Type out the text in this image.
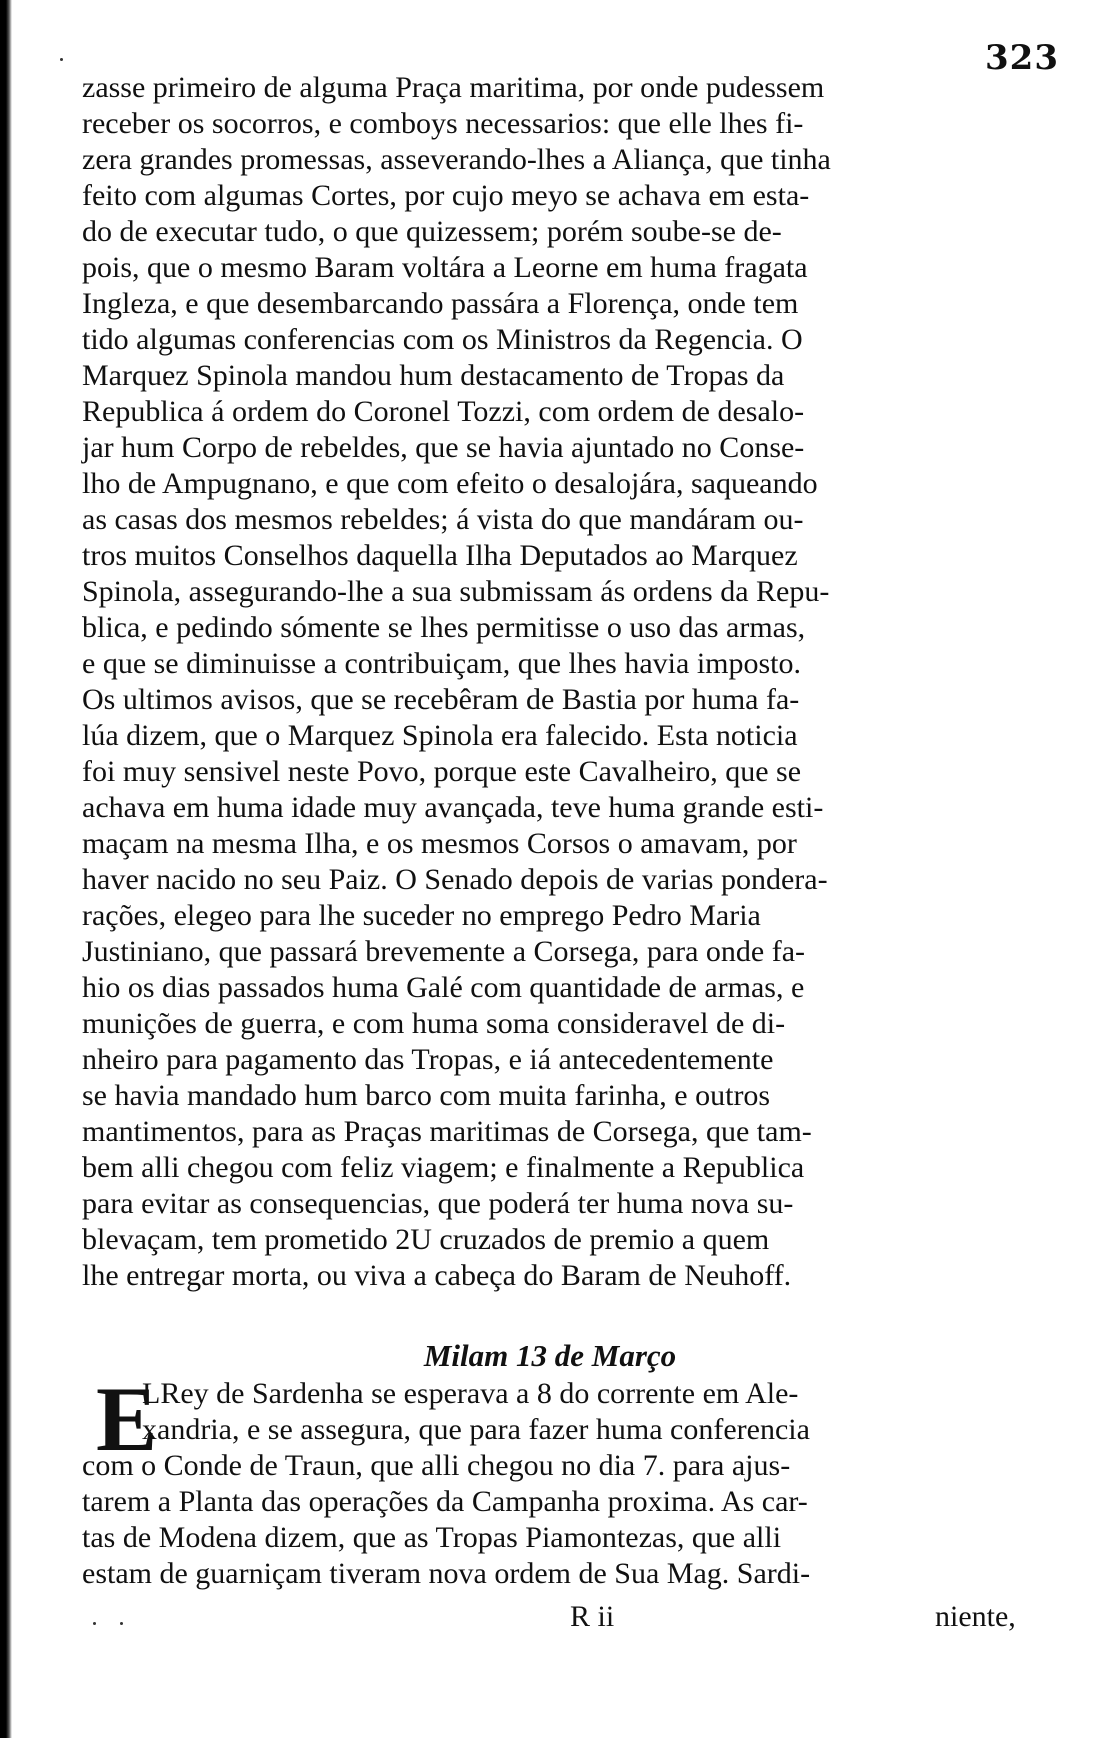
323
zasse primeiro de alguma Praça maritima, por onde pudessem
receber os socorros, e comboys necessarios: que elle lhes fi-
zera grandes promessas, asseverando-lhes a Aliança, que tinha
feito com algumas Cortes, por cujo meyo se achava em esta-
do de executar tudo, o que quizessem; porém soube-se de-
pois, que o mesmo Baram voltára a Leorne em huma fragata
Ingleza, e que desembarcando passára a Florença, onde tem
tido algumas conferencias com os Ministros da Regencia. O
Marquez Spinola mandou hum destacamento de Tropas da
Republica á ordem do Coronel Tozzi, com ordem de desalo-
jar hum Corpo de rebeldes, que se havia ajuntado no Conse-
lho de Ampugnano, e que com efeito o desalojára, saqueando
as casas dos mesmos rebeldes; á vista do que mandáram ou-
tros muitos Conselhos daquella Ilha Deputados ao Marquez
Spinola, assegurando-lhe a sua submissam ás ordens da Repu-
blica, e pedindo sómente se lhes permitisse o uso das armas,
e que se diminuisse a contribuiçam, que lhes havia imposto.
Os ultimos avisos, que se recebêram de Bastia por huma fa-
lúa dizem, que o Marquez Spinola era falecido. Esta noticia
foi muy sensivel neste Povo, porque este Cavalheiro, que se
achava em huma idade muy avançada, teve huma grande esti-
maçam na mesma Ilha, e os mesmos Corsos o amavam, por
haver nacido no seu Paiz. O Senado depois de varias pondera-
rações, elegeo para lhe suceder no emprego Pedro Maria
Justiniano, que passará brevemente a Corsega, para onde fa-
hio os dias passados huma Galé com quantidade de armas, e
munições de guerra, e com huma soma consideravel de di-
nheiro para pagamento das Tropas, e iá antecedentemente
se havia mandado hum barco com muita farinha, e outros
mantimentos, para as Praças maritimas de Corsega, que tam-
bem alli chegou com feliz viagem; e finalmente a Republica
para evitar as consequencias, que poderá ter huma nova su-
blevaçam, tem prometido 2U cruzados de premio a quem
lhe entregar morta, ou viva a cabeça do Baram de Neuhoff.
Milam 13 de Março
E
LRey de Sardenha se esperava a 8 do corrente em Ale-
xandria, e se assegura, que para fazer huma conferencia
com o Conde de Traun, que alli chegou no dia 7. para ajus-
tarem a Planta das operações da Campanha proxima. As car-
tas de Modena dizem, que as Tropas Piamontezas, que alli
estam de guarniçam tiveram nova ordem de Sua Mag. Sardi-
R ii	niente,
